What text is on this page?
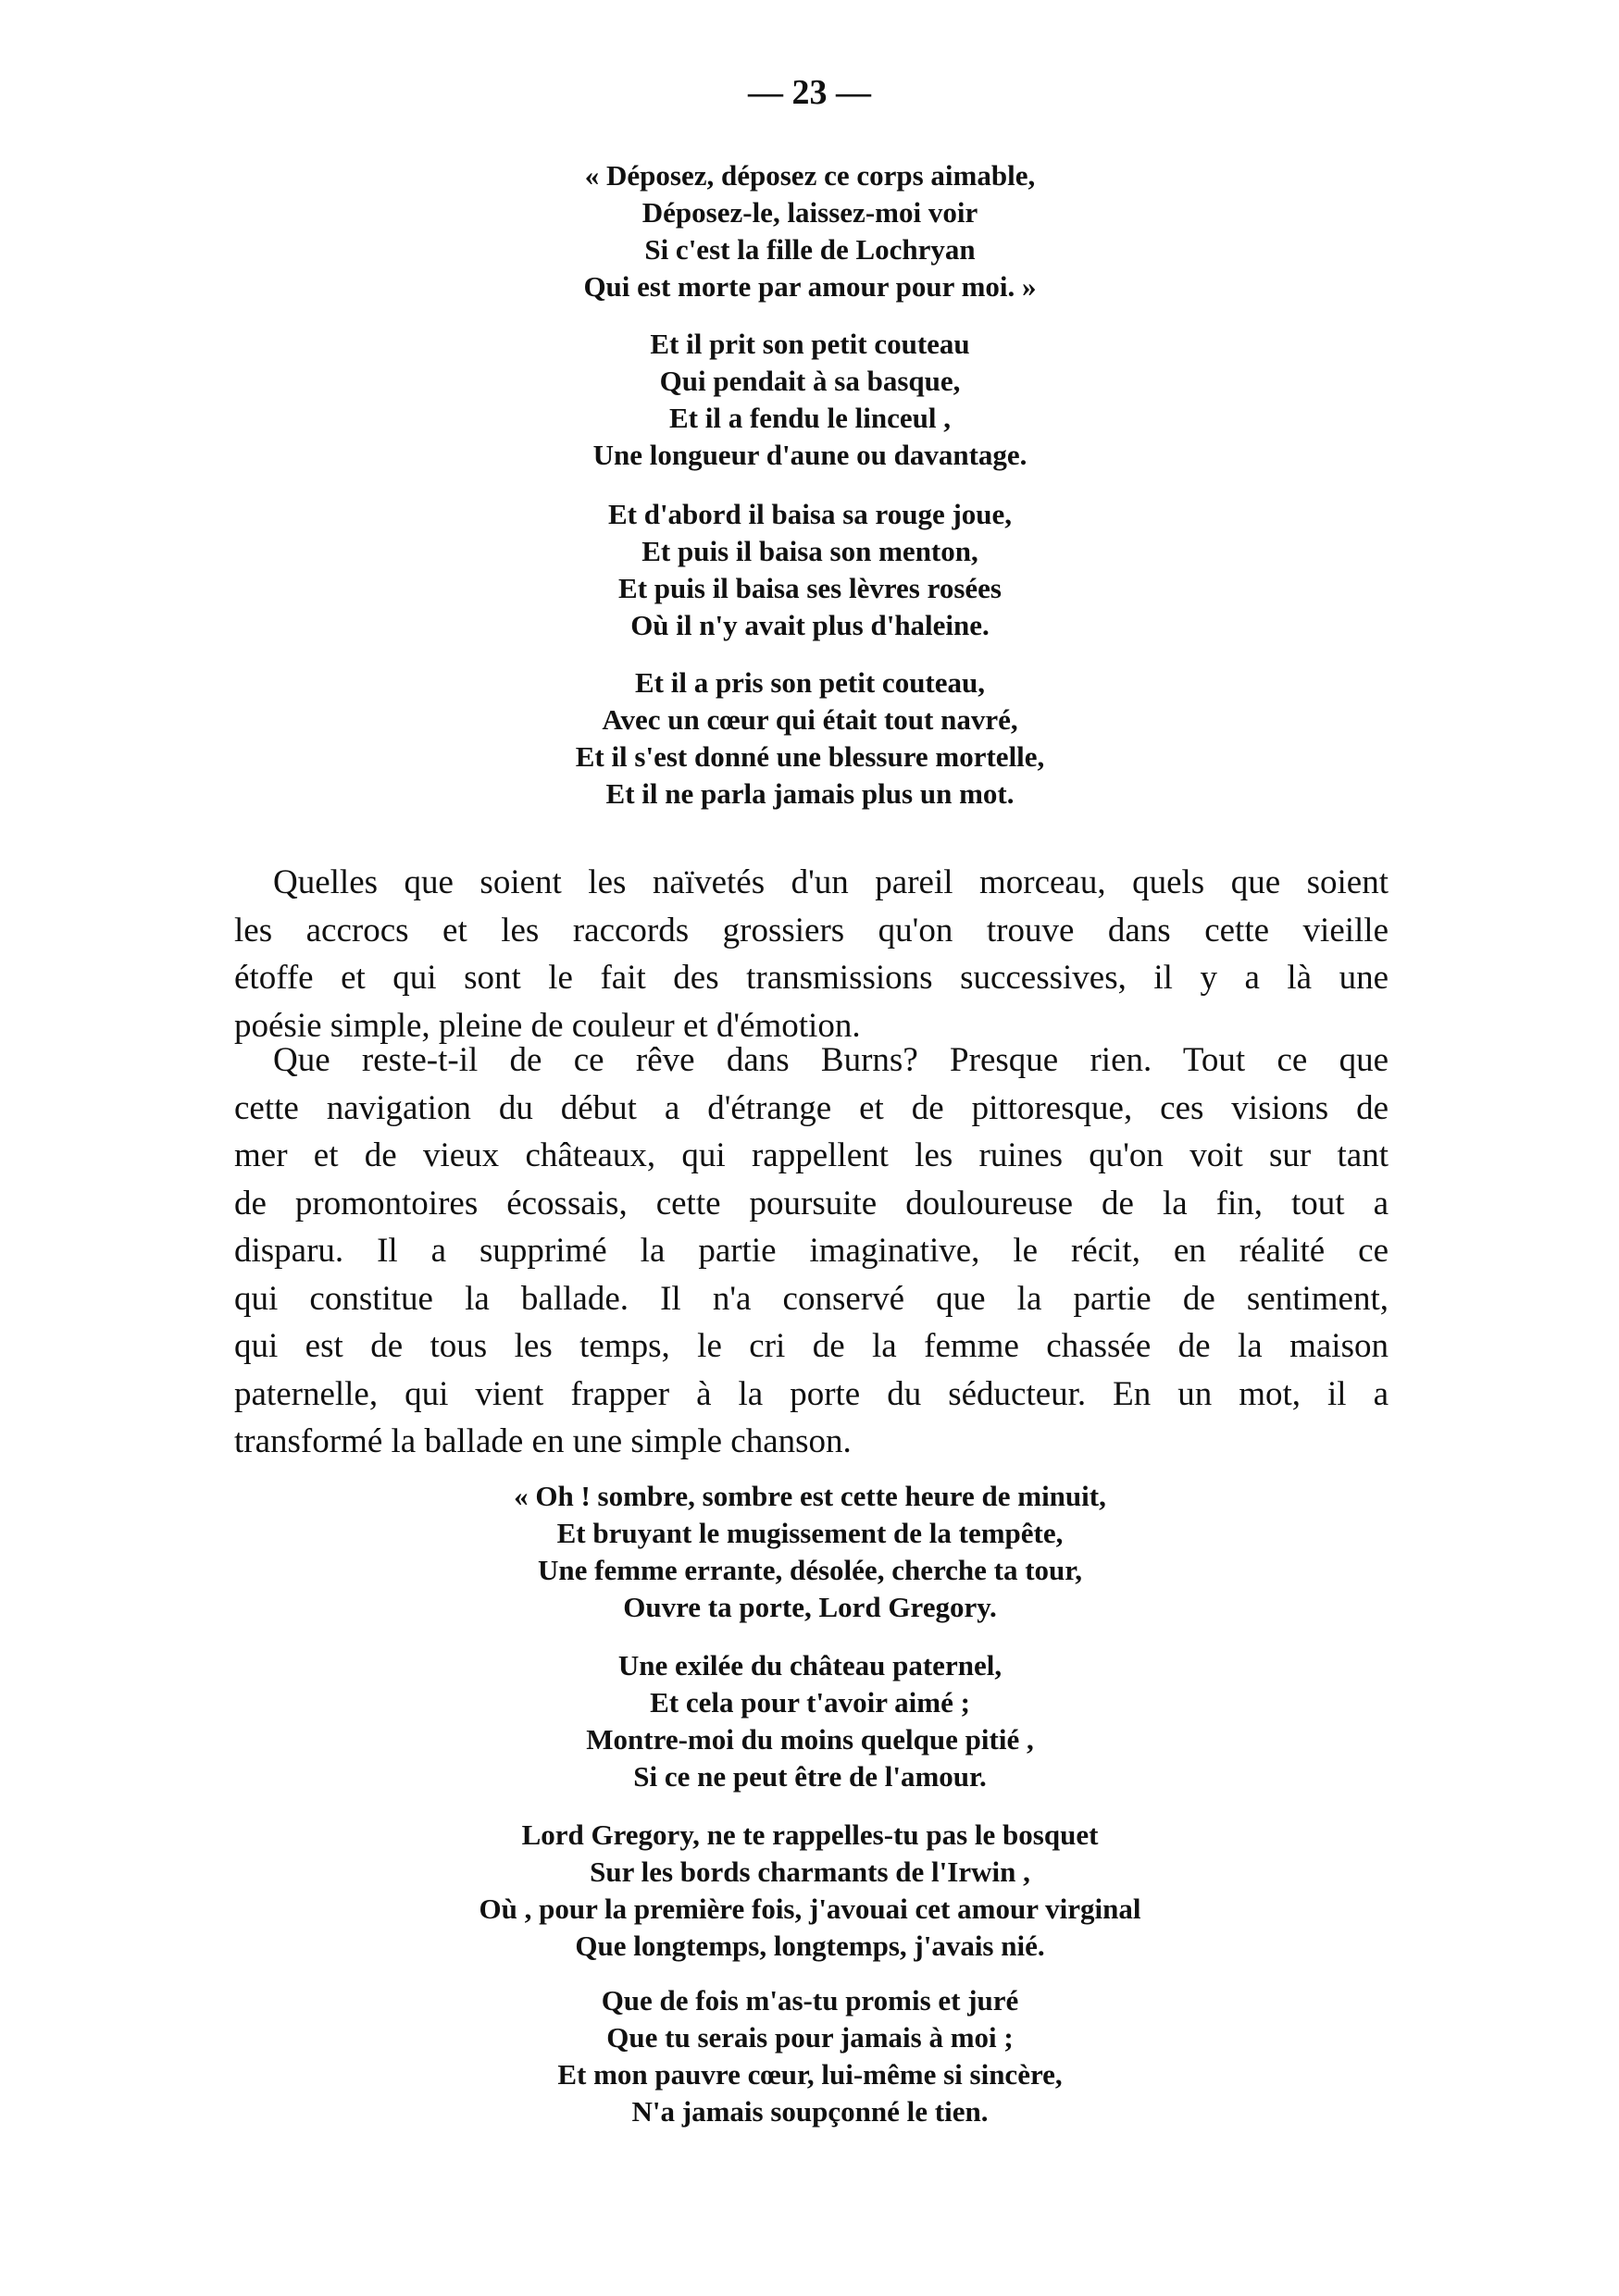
— 23 —
« Déposez, déposez ce corps aimable,
Déposez-le, laissez-moi voir
Si c'est la fille de Lochryan
Qui est morte par amour pour moi. »
Et il prit son petit couteau
Qui pendait à sa basque,
Et il a fendu le linceul ,
Une longueur d'aune ou davantage.
Et d'abord il baisa sa rouge joue,
Et puis il baisa son menton,
Et puis il baisa ses lèvres rosées
Où il n'y avait plus d'haleine.
Et il a pris son petit couteau,
Avec un cœur qui était tout navré,
Et il s'est donné une blessure mortelle,
Et il ne parla jamais plus un mot.
« Oh ! sombre, sombre est cette heure de minuit,
Et bruyant le mugissement de la tempête,
Une femme errante, désolée, cherche ta tour,
Ouvre ta porte, Lord Gregory.
Une exilée du château paternel,
Et cela pour t'avoir aimé ;
Montre-moi du moins quelque pitié ,
Si ce ne peut être de l'amour.
Lord Gregory, ne te rappelles-tu pas le bosquet
Sur les bords charmants de l'Irwin ,
Où , pour la première fois, j'avouai cet amour virginal
Que longtemps, longtemps, j'avais nié.
Que de fois m'as-tu promis et juré
Que tu serais pour jamais à moi ;
Et mon pauvre cœur, lui-même si sincère,
N'a jamais soupçonné le tien.
Quelles que soient les naïvetés d'un pareil morceau, quels que soient
les accrocs et les raccords grossiers qu'on trouve dans cette vieille
étoffe et qui sont le fait des transmissions successives, il y a là une
poésie simple, pleine de couleur et d'émotion.
Que reste-t-il de ce rêve dans Burns? Presque rien. Tout ce que
cette navigation du début a d'étrange et de pittoresque, ces visions de
mer et de vieux châteaux, qui rappellent les ruines qu'on voit sur tant
de promontoires écossais, cette poursuite douloureuse de la fin, tout a
disparu. Il a supprimé la partie imaginative, le récit, en réalité ce
qui constitue la ballade. Il n'a conservé que la partie de sentiment,
qui est de tous les temps, le cri de la femme chassée de la maison
paternelle, qui vient frapper à la porte du séducteur. En un mot, il a
transformé la ballade en une simple chanson.
